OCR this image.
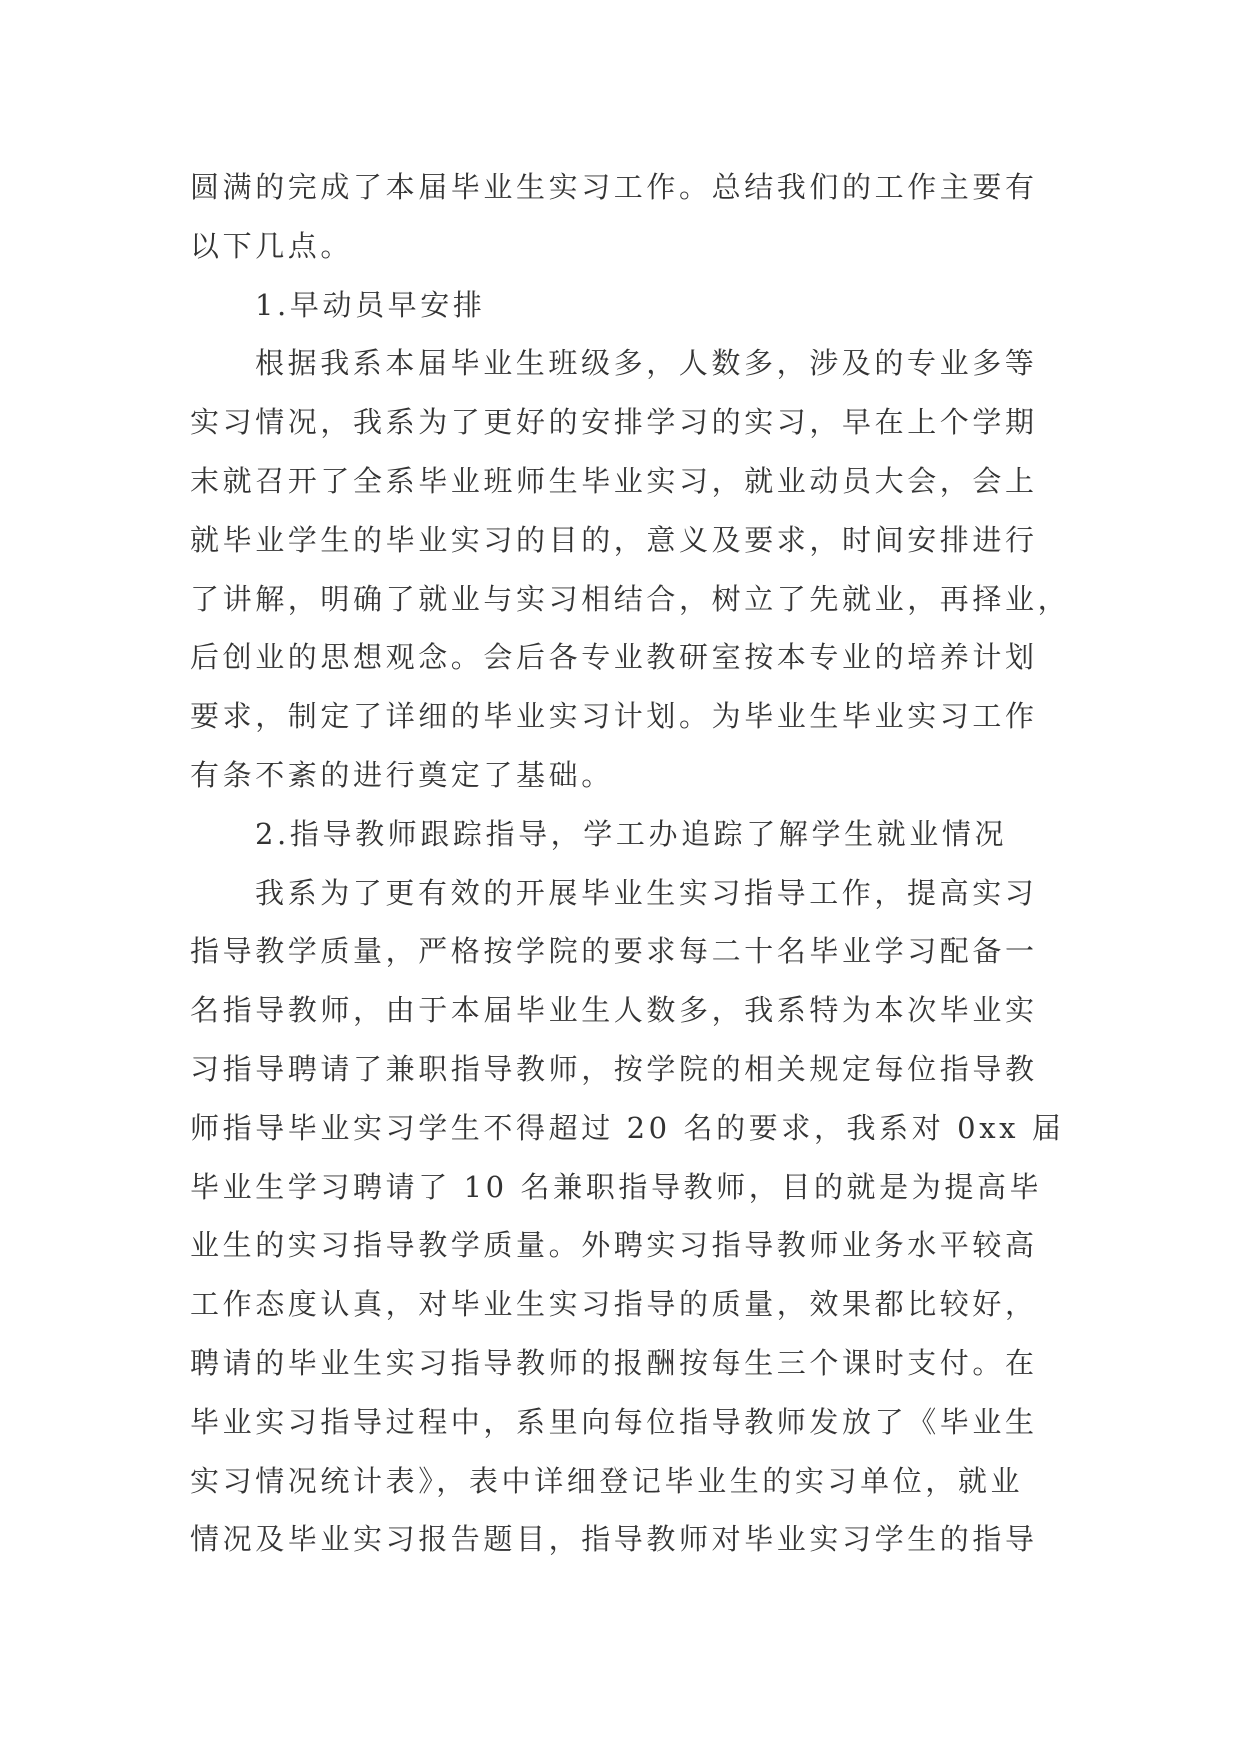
圆满的完成了本届毕业生实习工作。总结我们的工作主要有
以下几点。
1.早动员早安排
根据我系本届毕业生班级多，人数多，涉及的专业多等
实习情况，我系为了更好的安排学习的实习，早在上个学期
末就召开了全系毕业班师生毕业实习，就业动员大会，会上
就毕业学生的毕业实习的目的，意义及要求，时间安排进行
了讲解，明确了就业与实习相结合，树立了先就业，再择业，
后创业的思想观念。会后各专业教研室按本专业的培养计划
要求，制定了详细的毕业实习计划。为毕业生毕业实习工作
有条不紊的进行奠定了基础。
2.指导教师跟踪指导，学工办追踪了解学生就业情况
我系为了更有效的开展毕业生实习指导工作，提高实习
指导教学质量，严格按学院的要求每二十名毕业学习配备一
名指导教师，由于本届毕业生人数多，我系特为本次毕业实
习指导聘请了兼职指导教师，按学院的相关规定每位指导教
师指导毕业实习学生不得超过 20 名的要求，我系对 0xx 届
毕业生学习聘请了 10 名兼职指导教师，目的就是为提高毕
业生的实习指导教学质量。外聘实习指导教师业务水平较高
工作态度认真，对毕业生实习指导的质量，效果都比较好，
聘请的毕业生实习指导教师的报酬按每生三个课时支付。在
毕业实习指导过程中，系里向每位指导教师发放了《毕业生
实习情况统计表》，表中详细登记毕业生的实习单位，就业
情况及毕业实习报告题目，指导教师对毕业实习学生的指导
